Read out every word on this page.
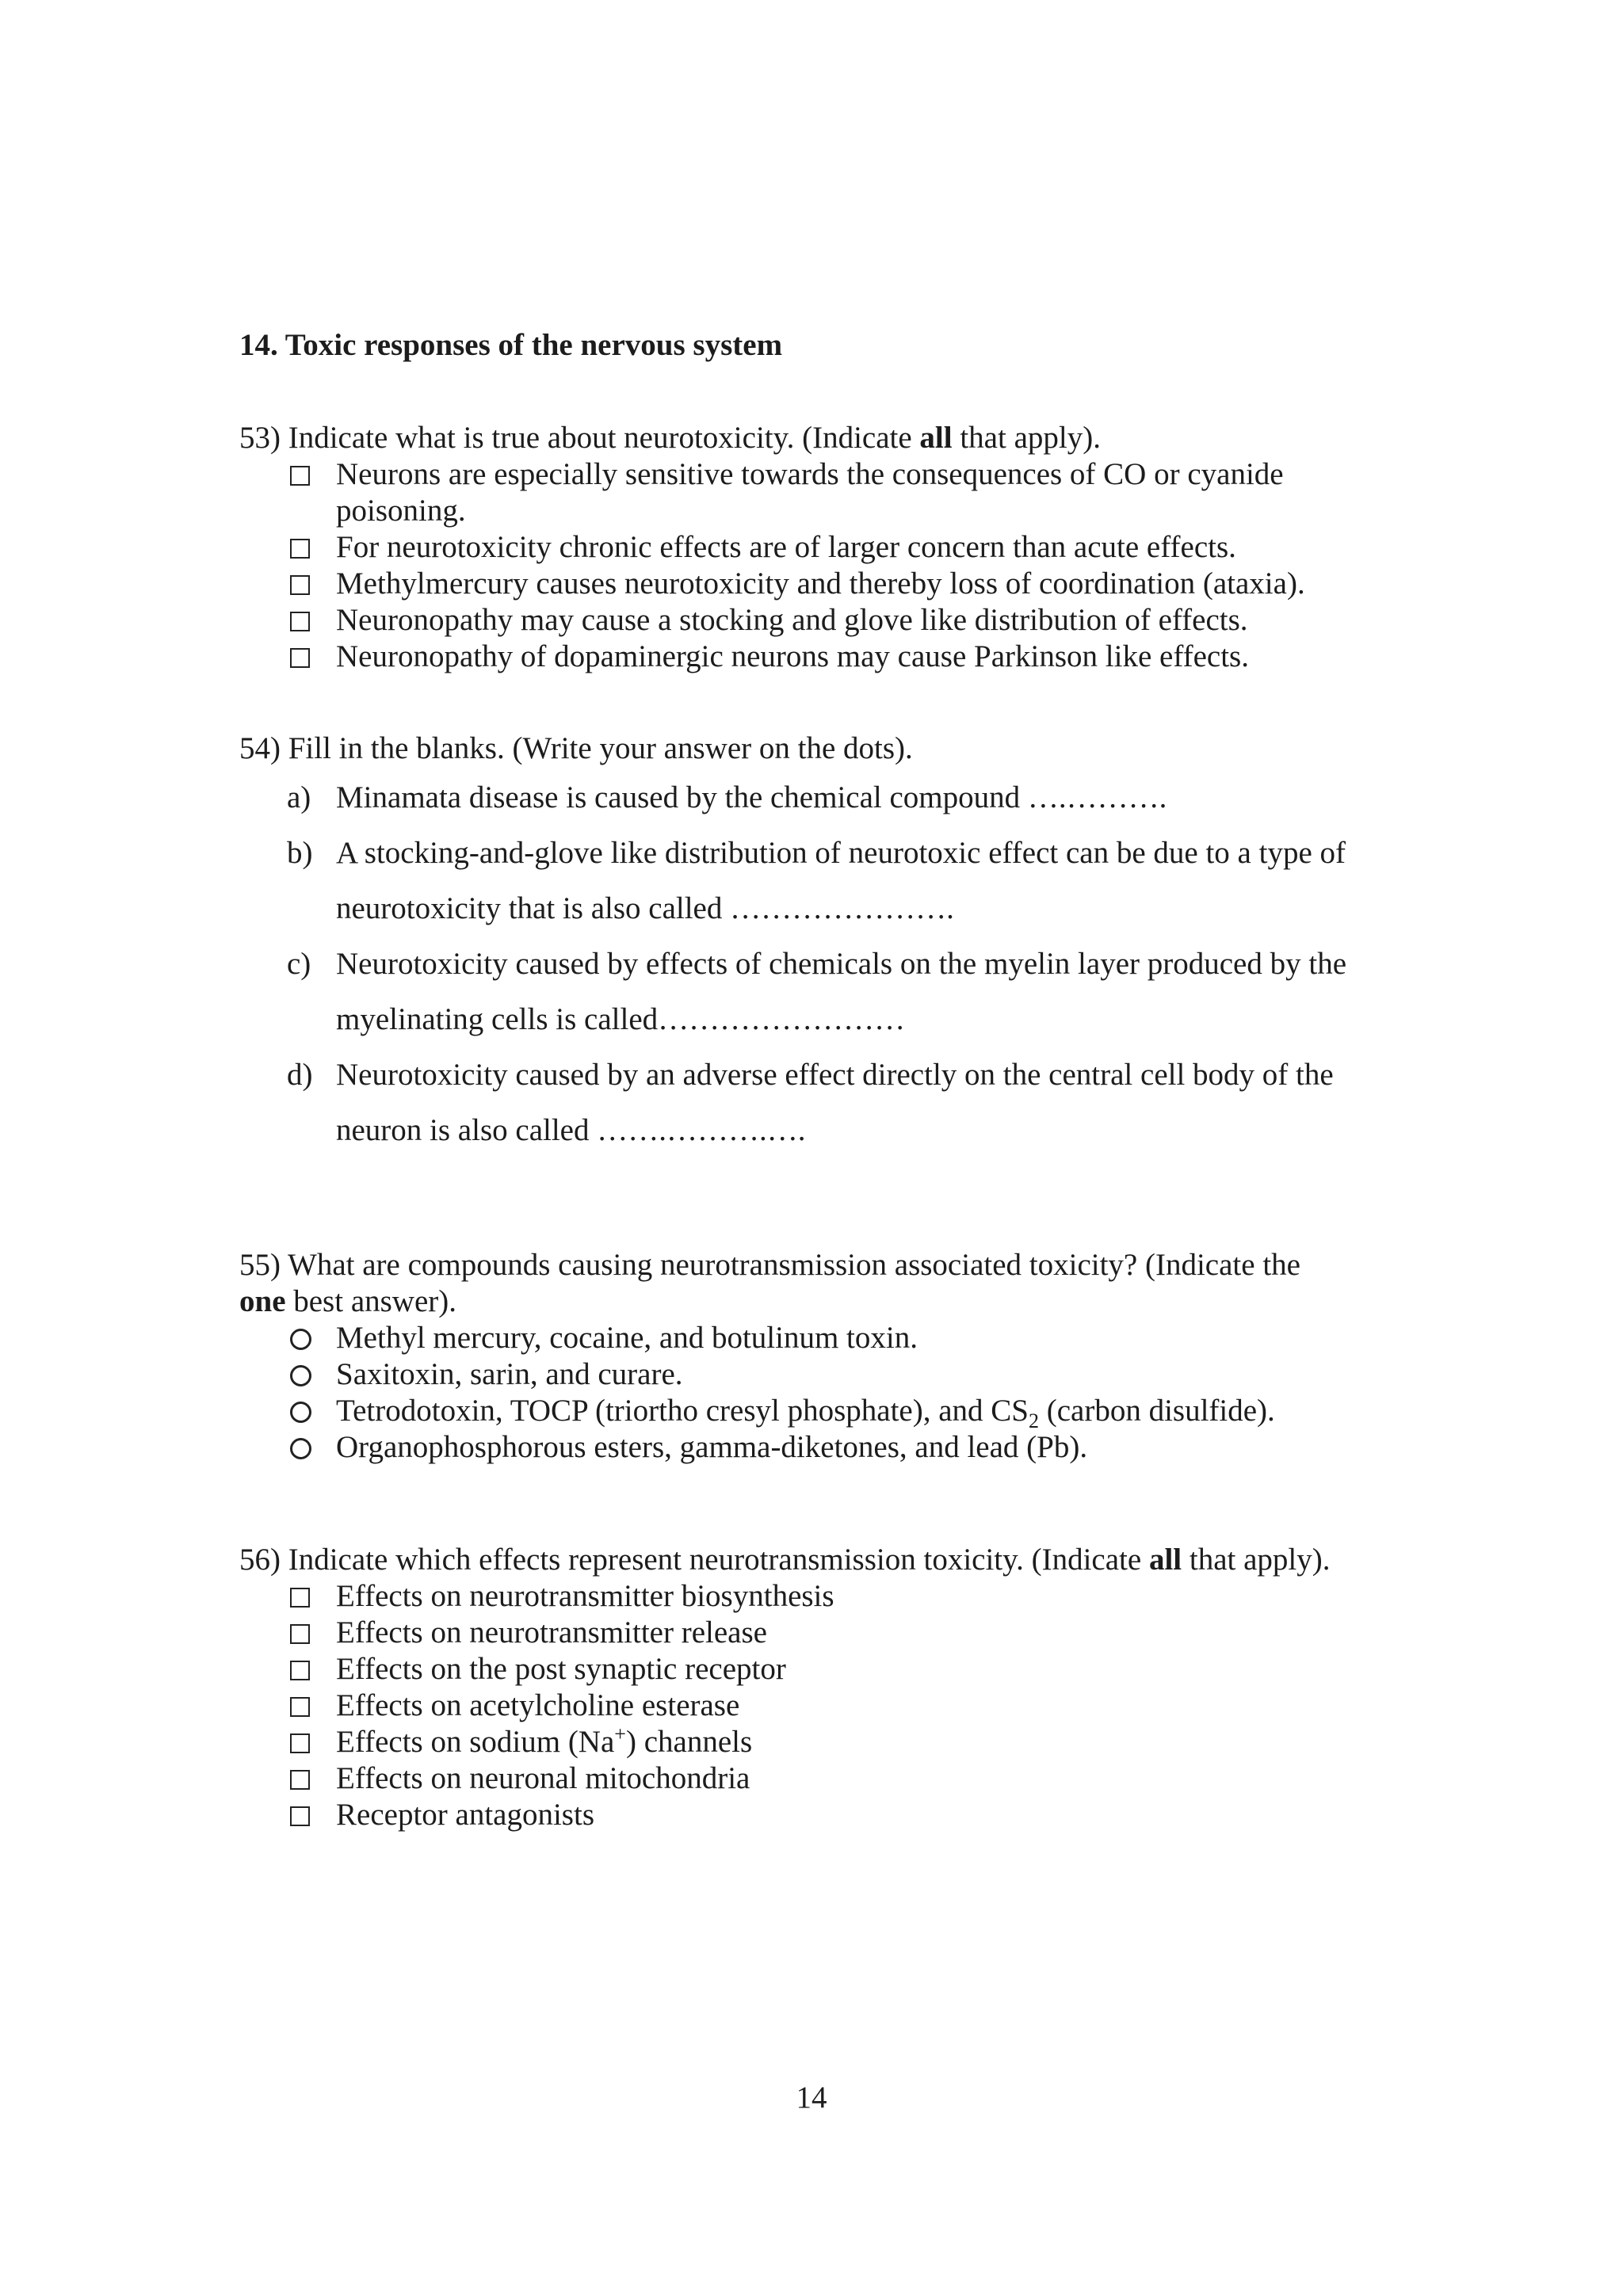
14. Toxic responses of the nervous system

53) Indicate what is true about neurotoxicity. (Indicate all that apply).

Neurons are especially sensitive towards the consequences of CO or cyanide poisoning.
For neurotoxicity chronic effects are of larger concern than acute effects.
Methylmercury causes neurotoxicity and thereby loss of coordination (ataxia).
Neuronopathy may cause a stocking and glove like distribution of effects.
Neuronopathy of dopaminergic neurons may cause Parkinson like effects.

54) Fill in the blanks. (Write your answer on the dots).

a) Minamata disease is caused by the chemical compound ….……….
b) A stocking-and-glove like distribution of neurotoxic effect can be due to a type of neurotoxicity that is also called ………………….
c) Neurotoxicity caused by effects of chemicals on the myelin layer produced by the myelinating cells is called……………………
d) Neurotoxicity caused by an adverse effect directly on the central cell body of the neuron is also called …….……….….

55) What are compounds causing neurotransmission associated toxicity? (Indicate the one best answer).

Methyl mercury, cocaine, and botulinum toxin.
Saxitoxin, sarin, and curare.
Tetrodotoxin, TOCP (triortho cresyl phosphate), and $CS_2$ (carbon disulfide).
Organophosphorous esters, gamma-diketones, and lead (Pb).

56) Indicate which effects represent neurotransmission toxicity. (Indicate all that apply).

Effects on neurotransmitter biosynthesis
Effects on neurotransmitter release
Effects on the post synaptic receptor
Effects on acetylcholine esterase
Effects on sodium (Na+) channels
Effects on neuronal mitochondria
Receptor antagonists
14
